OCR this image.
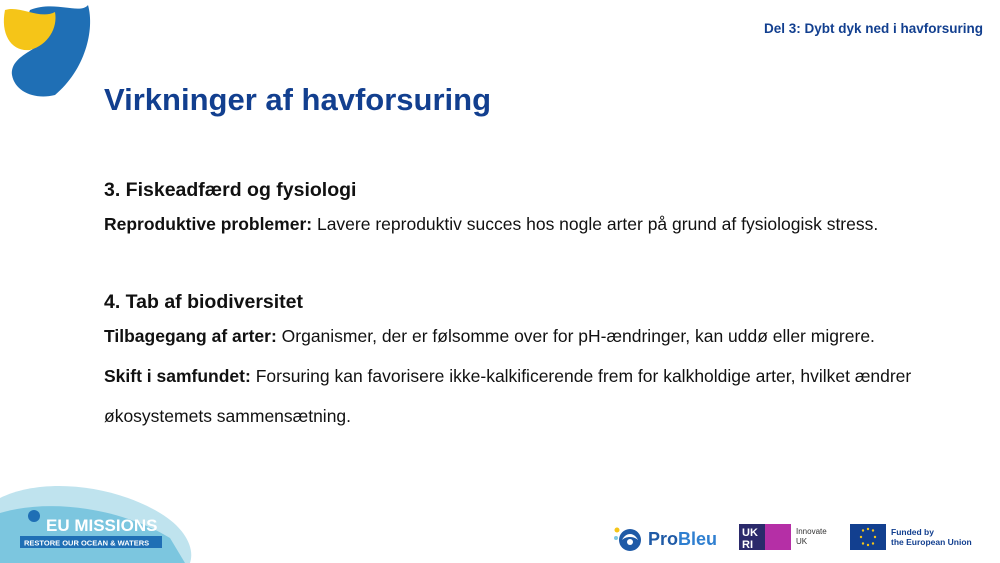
Del 3: Dybt dyk ned i havforsuring
Virkninger af havforsuring

3. Fiskeadfærd og fysiologi

Reproduktive problemer: Lavere reproduktiv succes hos nogle arter på grund af fysiologisk stress.

4. Tab af biodiversitet

Tilbagegang af arter: Organismer, der er følsomme over for pH-ændringer, kan uddø eller migrere.

Skift i samfundet: Forsuring kan favorisere ikke-kalkificerende frem for kalkholdige arter, hvilket ændrer økosystemets sammensætning.

EU MISSIONS
RESTORE OUR OCEAN & WATERS	ProBleu UK
RI
Innovate
UK
Funded by
the European Union
